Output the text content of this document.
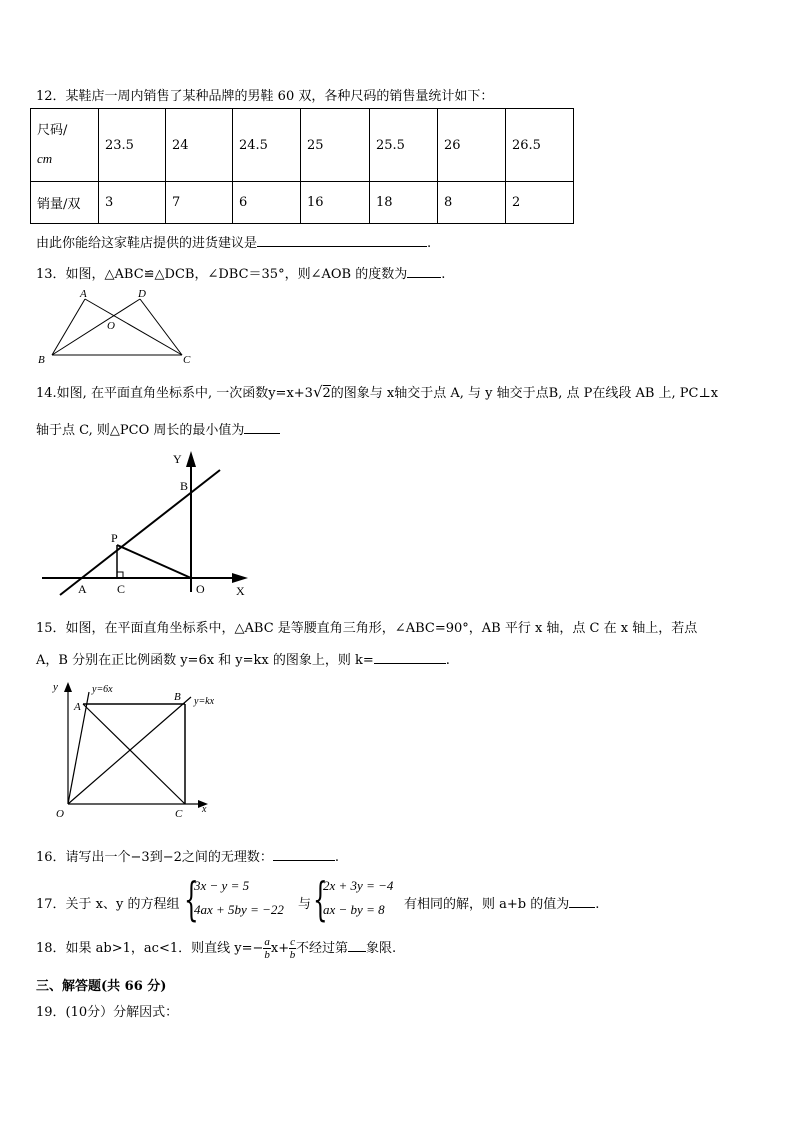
12．某鞋店一周内销售了某种品牌的男鞋 60 双，各种尺码的销售量统计如下：
尺码/
cm	23.5	24	24.5	25	25.5	26	26.5
销量/双	3	7	6	16	18	8	2
由此你能给这家鞋店提供的进货建议是	.
13．如图，△ABC≌△DCB，∠DBC＝35°，则∠AOB 的度数为	.
A	D
O
B	C
14.如图, 在平面直角坐标系中, 一次函数y=x+3√2的图象与 x轴交于点 A, 与 y 轴交于点B, 点 P在线段 AB 上, PC⊥x
轴于点 C, 则△PCO 周长的最小值为
Y
B
P
A	C	O	X
15．如图，在平面直角坐标系中，△ABC 是等腰直角三角形，∠ABC=90°，AB 平行 x 轴，点 C 在 x 轴上，若点
A，B 分别在正比例函数 y=6x 和 y=kx 的图象上，则 k=	.
y	y=6x
A
B y=kx
O	C x
16．请写出一个−3到−2之间的无理数：	.
17．关于 x、y 的方程组 {
3x − y = 5
4ax + 5by = −22 与 {
2x + 3y = −4
ax − by = 8 有相同的解，则 a+b 的值为 .
18．如果 ab>1，ac<1．则直线 $y=- \frac{a}{b} x+ \frac{c}{b}$ 不经过第 象限.
三、解答题(共 66 分)
19．(10分）分解因式：
